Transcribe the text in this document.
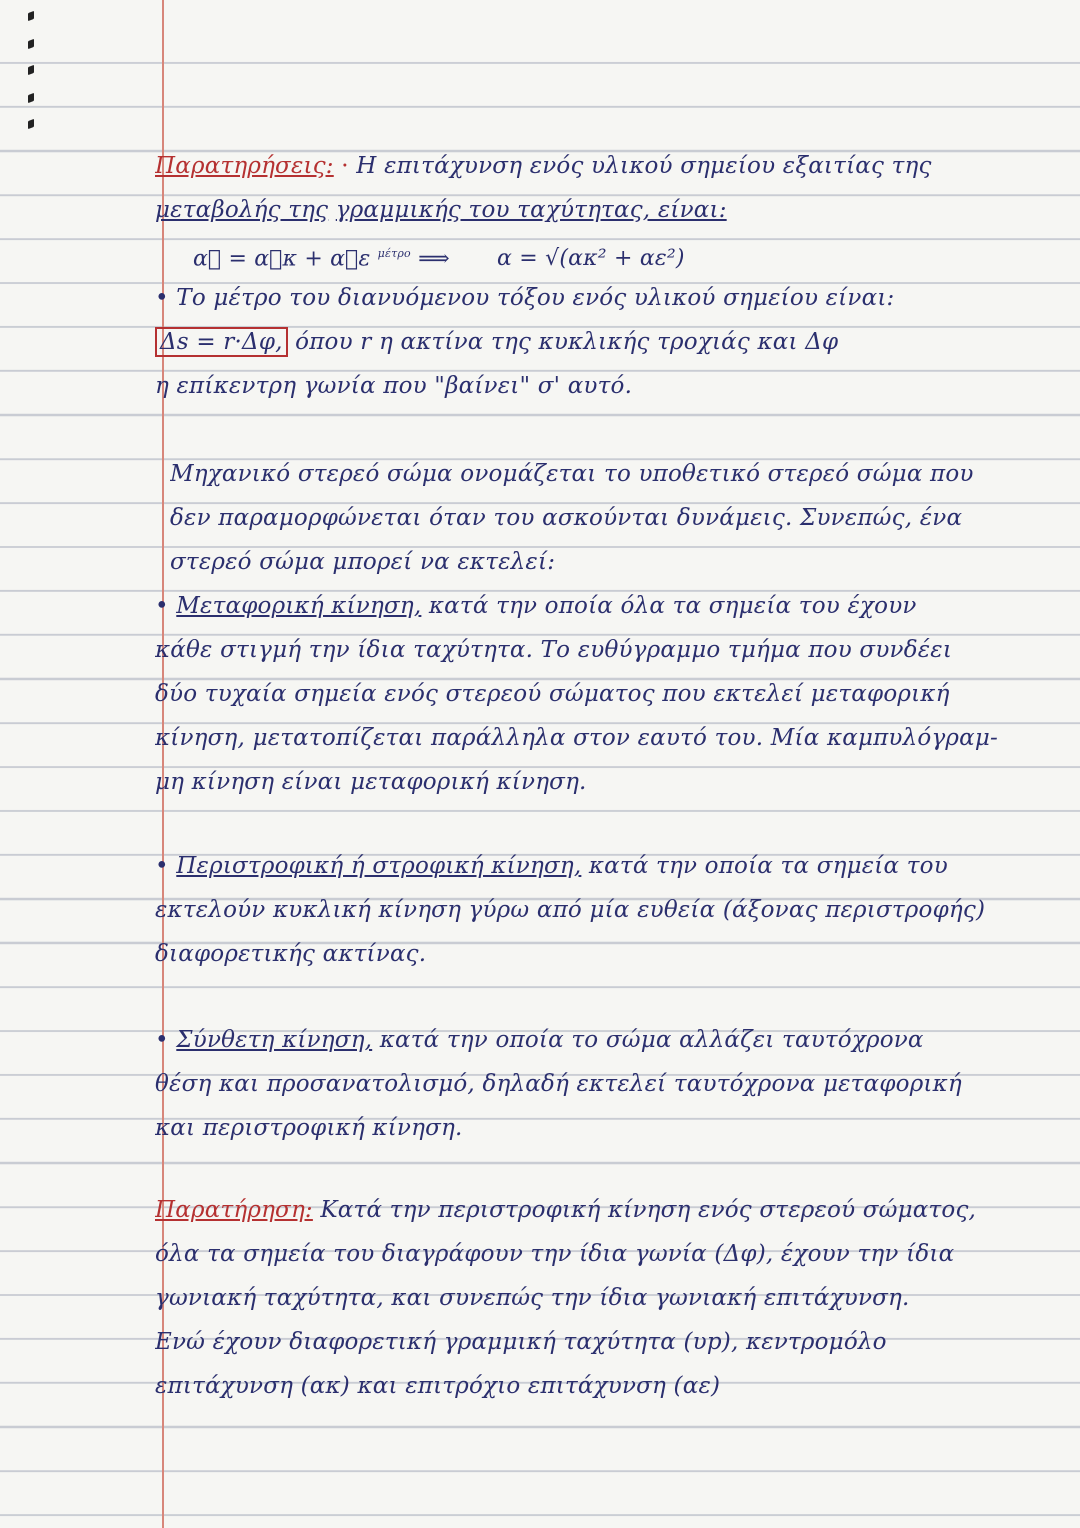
Παρατηρήσεις: · Η επιτάχυνση ενός υλικού σημείου εξαιτίας της
μεταβολής της γραμμικής του ταχύτητας, είναι:
α⃗ = α⃗κ + α⃗ε $^{\mu έ\tau\rho o}$ ⟹ α = √(ακ² + αε²)
• Το μέτρο του διανυόμενου τόξου ενός υλικού σημείου είναι:
Δs = r·Δφ, όπου r η ακτίνα της κυκλικής τροχιάς και Δφ
η επίκεντρη γωνία που "βαίνει" σ' αυτό.
Μηχανικό στερεό σώμα ονομάζεται το υποθετικό στερεό σώμα που
δεν παραμορφώνεται όταν του ασκούνται δυνάμεις. Συνεπώς, ένα
στερεό σώμα μπορεί να εκτελεί:
• Μεταφορική κίνηση, κατά την οποία όλα τα σημεία του έχουν
κάθε στιγμή την ίδια ταχύτητα. Το ευθύγραμμο τμήμα που συνδέει
δύο τυχαία σημεία ενός στερεού σώματος που εκτελεί μεταφορική
κίνηση, μετατοπίζεται παράλληλα στον εαυτό του. Μία καμπυλόγραμ-
μη κίνηση είναι μεταφορική κίνηση.
• Περιστροφική ή στροφική κίνηση, κατά την οποία τα σημεία του
εκτελούν κυκλική κίνηση γύρω από μία ευθεία (άξονας περιστροφής)
διαφορετικής ακτίνας.
• Σύνθετη κίνηση, κατά την οποία το σώμα αλλάζει ταυτόχρονα
θέση και προσανατολισμό, δηλαδή εκτελεί ταυτόχρονα μεταφορική
και περιστροφική κίνηση.
Παρατήρηση: Κατά την περιστροφική κίνηση ενός στερεού σώματος,
όλα τα σημεία του διαγράφουν την ίδια γωνία (Δφ), έχουν την ίδια
γωνιακή ταχύτητα, και συνεπώς την ίδια γωνιακή επιτάχυνση.
Ενώ έχουν διαφορετική γραμμική ταχύτητα (υp), κεντρομόλο
επιτάχυνση (ακ) και επιτρόχιο επιτάχυνση (αε)
